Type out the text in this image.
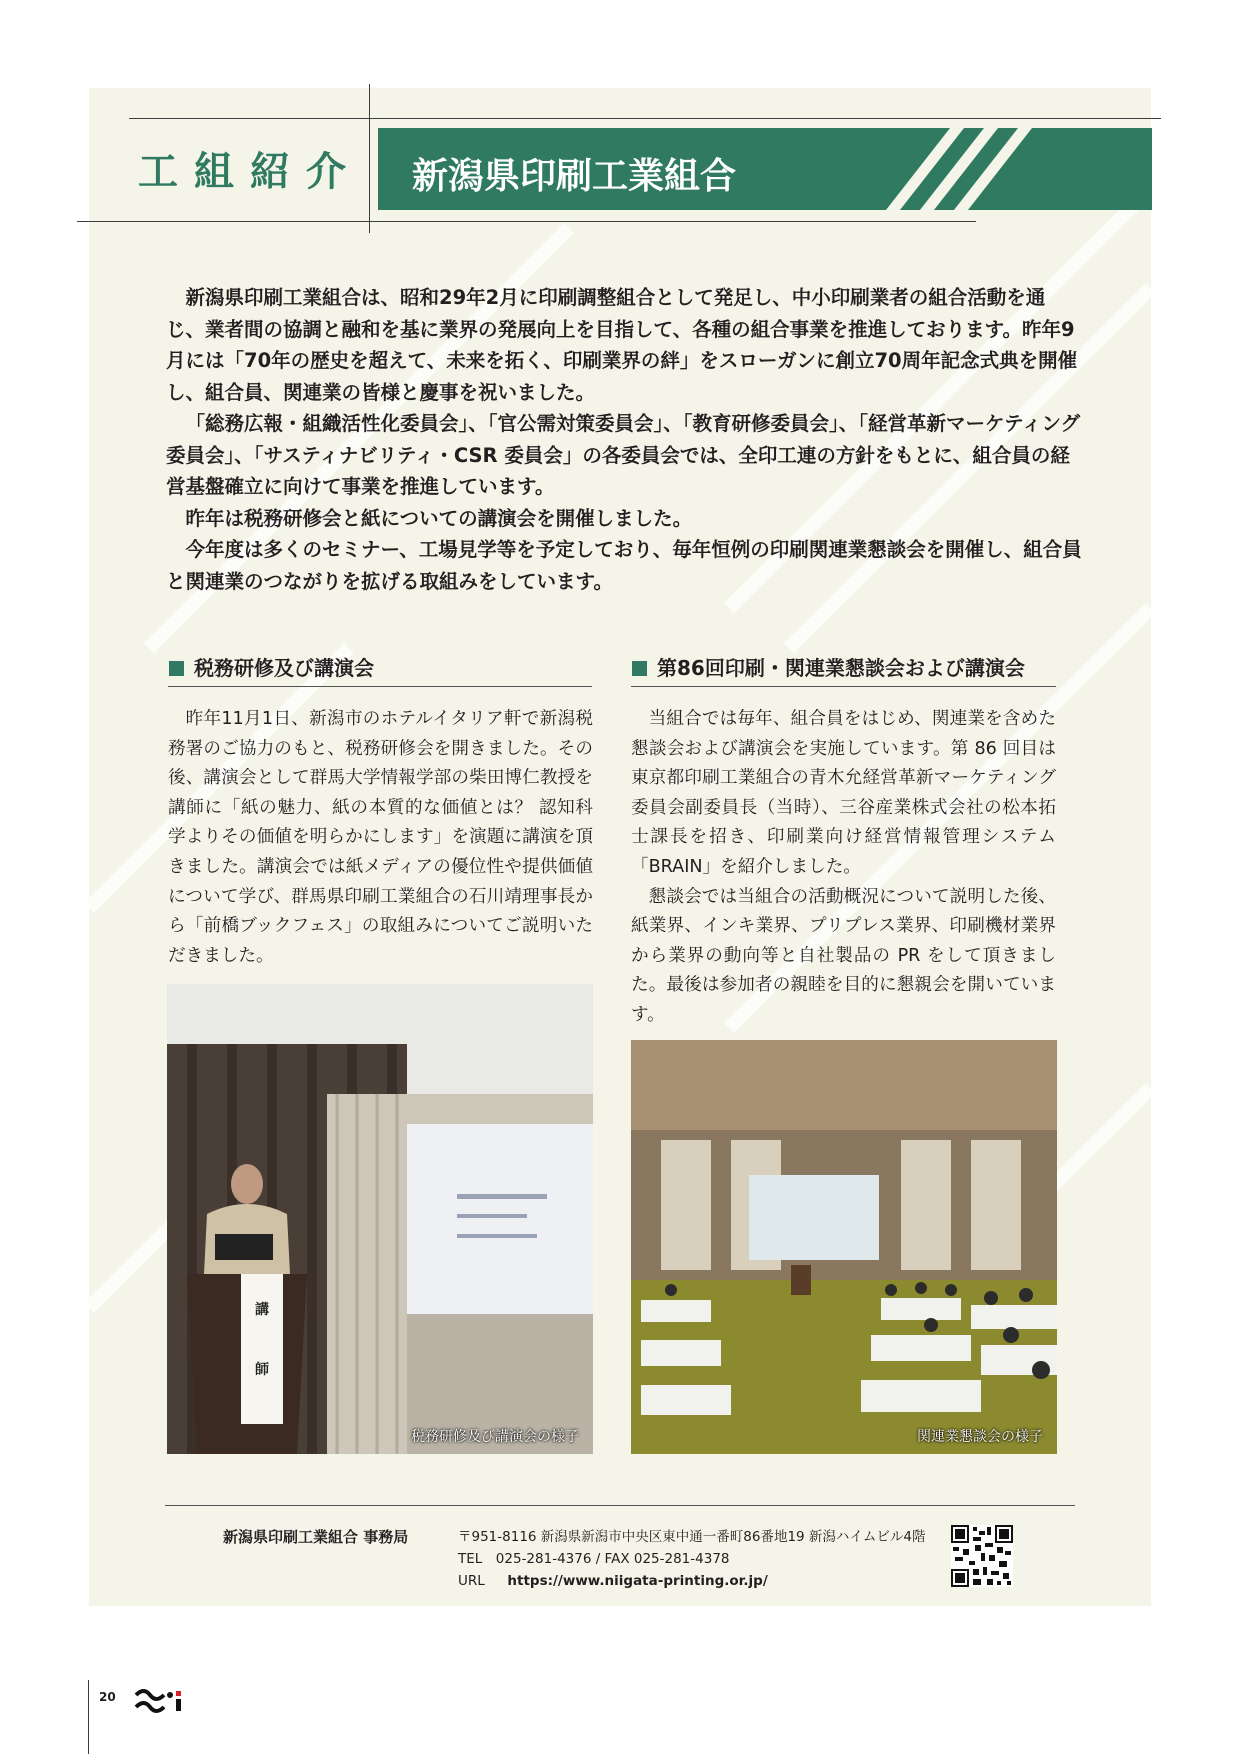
工組紹介 新潟県印刷工業組合

新潟県印刷工業組合は、昭和29年2月に印刷調整組合として発足し、中小印刷業者の組合活動を通じ、業者間の協調と融和を基に業界の発展向上を目指して、各種の組合事業を推進しております。昨年9月には「70年の歴史を超えて、未来を拓く、印刷業界の絆」をスローガンに創立70周年記念式典を開催し、組合員、関連業の皆様と慶事を祝いました。

「総務広報・組織活性化委員会」、「官公需対策委員会」、「教育研修委員会」、「経営革新マーケティング委員会」、「サスティナビリティ・CSR 委員会」の各委員会では、全印工連の方針をもとに、組合員の経営基盤確立に向けて事業を推進しています。

昨年は税務研修会と紙についての講演会を開催しました。

今年度は多くのセミナー、工場見学等を予定しており、毎年恒例の印刷関連業懇談会を開催し、組合員と関連業のつながりを拡げる取組みをしています。

税務研修及び講演会

昨年11月1日、新潟市のホテルイタリア軒で新潟税務署のご協力のもと、税務研修会を開きました。その後、講演会として群馬大学情報学部の柴田博仁教授を講師に「紙の魅力、紙の本質的な価値とは？ 認知科学よりその価値を明らかにします」を演題に講演を頂きました。講演会では紙メディアの優位性や提供価値について学び、群馬県印刷工業組合の石川靖理事長から「前橋ブックフェス」の取組みについてご説明いただきました。

講
師
税務研修及び講演会の様子
第86回印刷・関連業懇談会および講演会

当組合では毎年、組合員をはじめ、関連業を含めた懇談会および講演会を実施しています。第 86 回目は東京都印刷工業組合の青木允経営革新マーケティング委員会副委員長（当時）、三谷産業株式会社の松本拓士課長を招き、印刷業向け経営情報管理システム「BRAIN」を紹介しました。

懇談会では当組合の活動概況について説明した後、紙業界、インキ業界、プリプレス業界、印刷機材業界から業界の動向等と自社製品の PR をして頂きました。最後は参加者の親睦を目的に懇親会を開いています。

関連業懇談会の様子
新潟県印刷工業組合 事務局	〒951-8116 新潟県新潟市中央区東中通一番町86番地19 新潟ハイムビル4階
TEL　025-281-4376 / FAX 025-281-4378
URL https://www.niigata-printing.or.jp/
20
